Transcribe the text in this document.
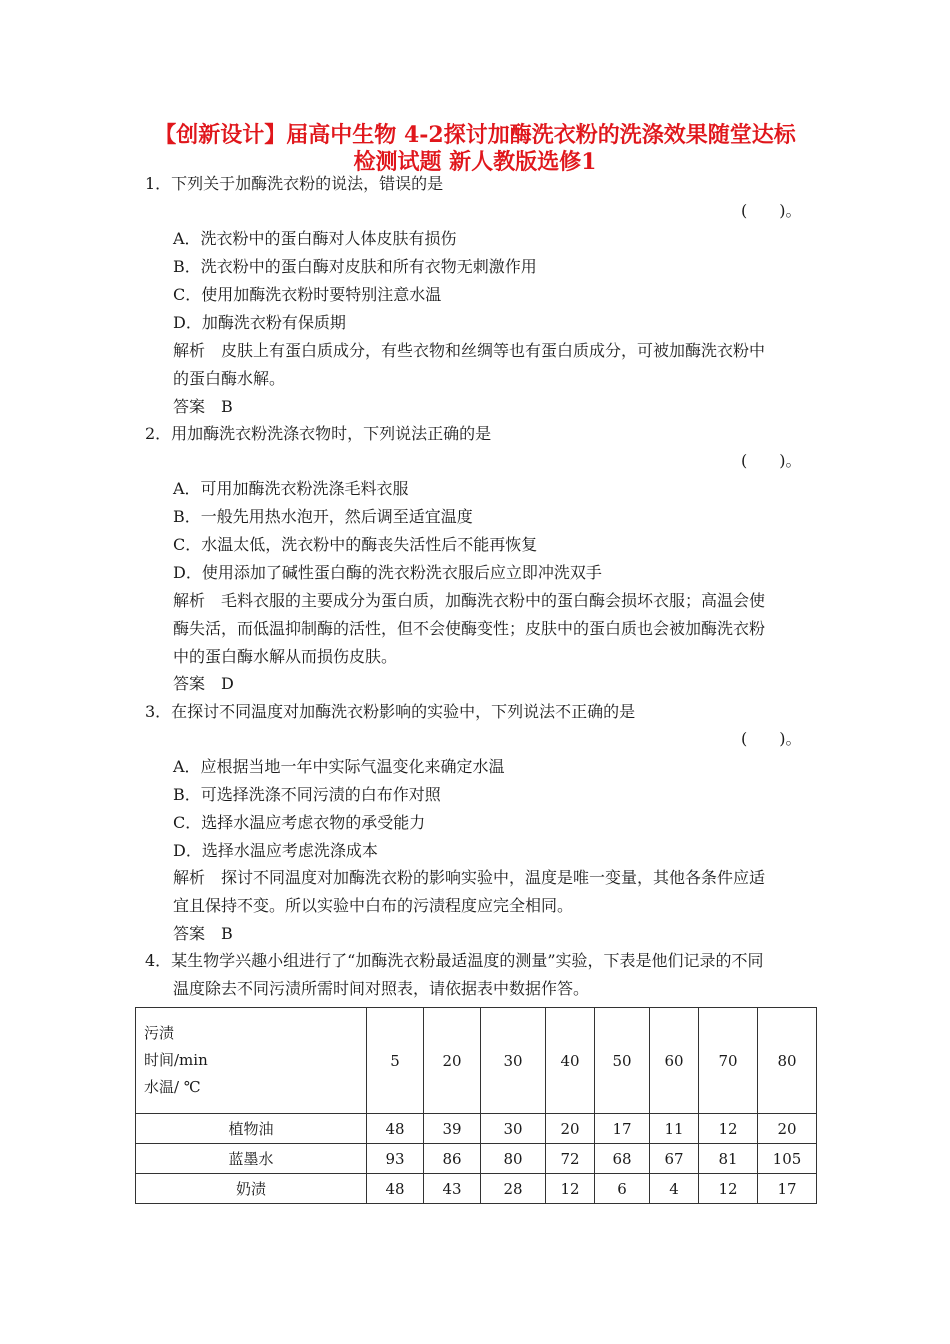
【创新设计】届高中生物 4-2探讨加酶洗衣粉的洗涤效果随堂达标
检测试题 新人教版选修1
1．下列关于加酶洗衣粉的说法，错误的是
(　　)。
A．洗衣粉中的蛋白酶对人体皮肤有损伤
B．洗衣粉中的蛋白酶对皮肤和所有衣物无刺激作用
C．使用加酶洗衣粉时要特别注意水温
D．加酶洗衣粉有保质期
解析　皮肤上有蛋白质成分，有些衣物和丝绸等也有蛋白质成分，可被加酶洗衣粉中
的蛋白酶水解。
答案　B
2．用加酶洗衣粉洗涤衣物时，下列说法正确的是
(　　)。
A．可用加酶洗衣粉洗涤毛料衣服
B．一般先用热水泡开，然后调至适宜温度
C．水温太低，洗衣粉中的酶丧失活性后不能再恢复
D．使用添加了碱性蛋白酶的洗衣粉洗衣服后应立即冲洗双手
解析　毛料衣服的主要成分为蛋白质，加酶洗衣粉中的蛋白酶会损坏衣服；高温会使
酶失活，而低温抑制酶的活性，但不会使酶变性；皮肤中的蛋白质也会被加酶洗衣粉
中的蛋白酶水解从而损伤皮肤。
答案　D
3．在探讨不同温度对加酶洗衣粉影响的实验中，下列说法不正确的是
(　　)。
A．应根据当地一年中实际气温变化来确定水温
B．可选择洗涤不同污渍的白布作对照
C．选择水温应考虑衣物的承受能力
D．选择水温应考虑洗涤成本
解析　探讨不同温度对加酶洗衣粉的影响实验中，温度是唯一变量，其他各条件应适
宜且保持不变。所以实验中白布的污渍程度应完全相同。
答案　B
4．某生物学兴趣小组进行了“加酶洗衣粉最适温度的测量”实验，下表是他们记录的不同
温度除去不同污渍所需时间对照表，请依据表中数据作答。
污渍
时间/min
水温/ ℃	5	20	30	40	50	60	70	80
植物油	48	39	30	20	17	11	12	20
蓝墨水	93	86	80	72	68	67	81	105
奶渍	48	43	28	12	6	4	12	17
